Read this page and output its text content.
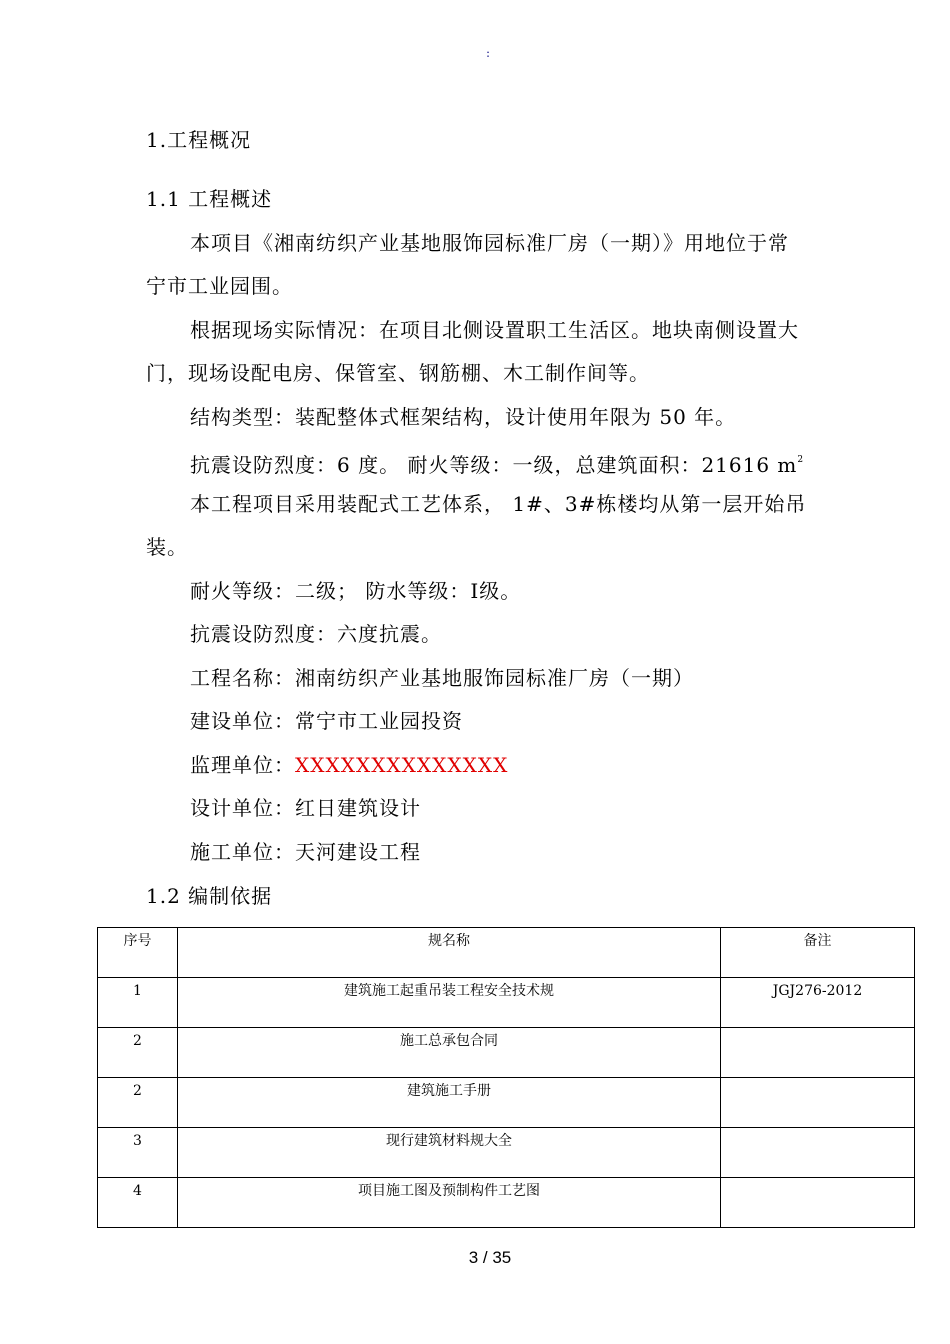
:
1.工程概况
1.1 工程概述
本项目《湘南纺织产业基地服饰园标准厂房（一期）》用地位于常
宁市工业园围。
根据现场实际情况：在项目北侧设置职工生活区。地块南侧设置大
门，现场设配电房、保管室、钢筋棚、木工制作间等。
结构类型：装配整体式框架结构，设计使用年限为 50 年。
抗震设防烈度：6 度。 耐火等级：一级，总建筑面积：21616 $m^2$
本工程项目采用装配式工艺体系， 1#、3#栋楼均从第一层开始吊
装。
耐火等级：二级； 防水等级：Ⅰ级。
抗震设防烈度：六度抗震。
工程名称：湘南纺织产业基地服饰园标准厂房（一期）
建设单位：常宁市工业园投资
监理单位：XXXXXXXXXXXXXX
设计单位：红日建筑设计
施工单位：天河建设工程
1.2 编制依据
序号	规名称	备注
1	建筑施工起重吊装工程安全技术规	JGJ276-2012
2	施工总承包合同	
2	建筑施工手册	
3	现行建筑材料规大全	
4	项目施工图及预制构件工艺图	
3 / 35
